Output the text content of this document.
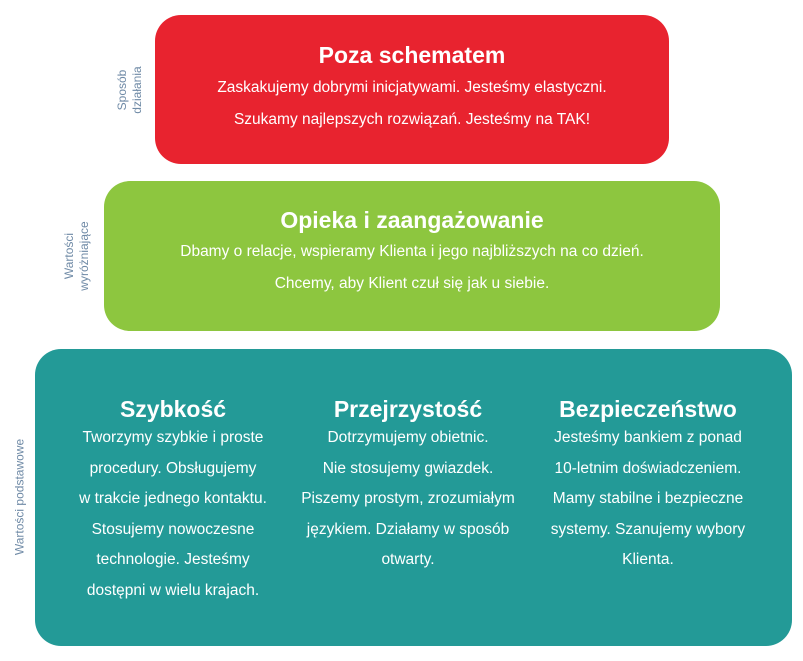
Sposób działania
Wartości wyróżniające
Wartości podstawowe
Poza schematem
Zaskakujemy dobrymi inicjatywami. Jesteśmy elastyczni.
Szukamy najlepszych rozwiązań. Jesteśmy na TAK!
Opieka i zaangażowanie
Dbamy o relacje, wspieramy Klienta i jego najbliższych na co dzień.
Chcemy, aby Klient czuł się jak u siebie.
Szybkość
Tworzymy szybkie i proste
procedury. Obsługujemy
w trakcie jednego kontaktu.
Stosujemy nowoczesne
technologie. Jesteśmy
dostępni w wielu krajach.
Przejrzystość
Dotrzymujemy obietnic.
Nie stosujemy gwiazdek.
Piszemy prostym, zrozumiałym
językiem. Działamy w sposób
otwarty.
Bezpieczeństwo
Jesteśmy bankiem z ponad
10-letnim doświadczeniem.
Mamy stabilne i bezpieczne
systemy. Szanujemy wybory
Klienta.
